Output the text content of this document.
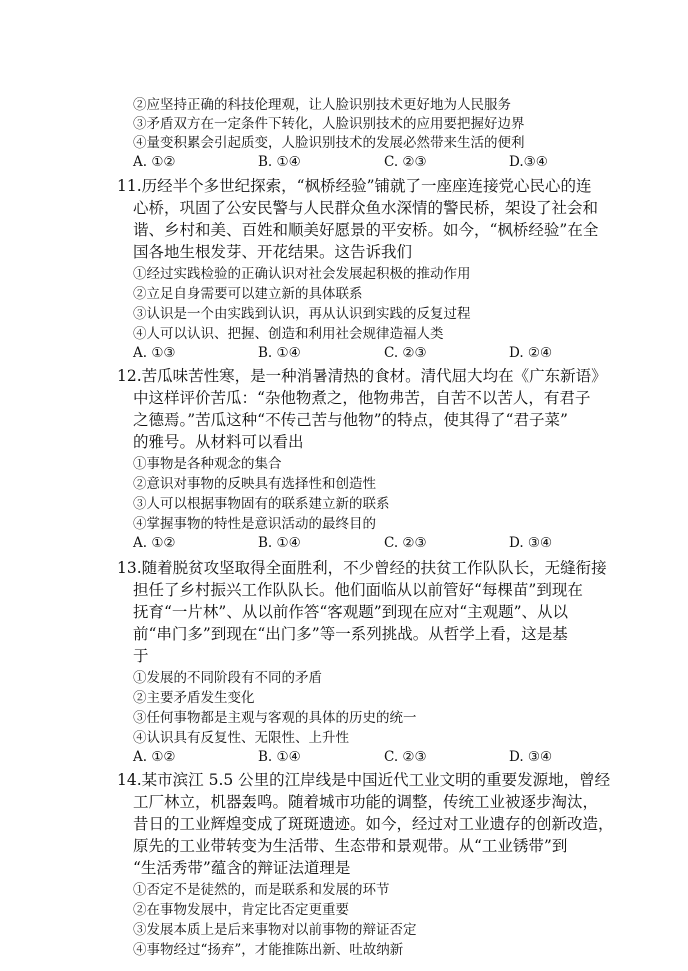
②应坚持正确的科技伦理观，让人脸识别技术更好地为人民服务
③矛盾双方在一定条件下转化，人脸识别技术的应用要把握好边界
④量变积累会引起质变，人脸识别技术的发展必然带来生活的便利
A. ①②	B. ①④	C. ②③	D.③④
11.历经半个多世纪探索，“枫桥经验”铺就了一座座连接党心民心的连
心桥，巩固了公安民警与人民群众鱼水深情的警民桥，架设了社会和
谐、乡村和美、百姓和顺美好愿景的平安桥。如今，“枫桥经验”在全
国各地生根发芽、开花结果。这告诉我们
①经过实践检验的正确认识对社会发展起积极的推动作用
②立足自身需要可以建立新的具体联系
③认识是一个由实践到认识，再从认识到实践的反复过程
④人可以认识、把握、创造和利用社会规律造福人类
A. ①③	B. ①④	C. ②③	D. ②④
12.苦瓜味苦性寒，是一种消暑清热的食材。清代屈大均在《广东新语》
中这样评价苦瓜：“杂他物煮之，他物弗苦，自苦不以苦人，有君子
之德焉。”苦瓜这种“不传己苦与他物”的特点，使其得了“君子菜”
的雅号。从材料可以看出
①事物是各种观念的集合
②意识对事物的反映具有选择性和创造性
③人可以根据事物固有的联系建立新的联系
④掌握事物的特性是意识活动的最终目的
A. ①②	B. ①④	C. ②③	D. ③④
13.随着脱贫攻坚取得全面胜利，不少曾经的扶贫工作队队长，无缝衔接
担任了乡村振兴工作队队长。他们面临从以前管好“每棵苗”到现在
抚育“一片林”、从以前作答“客观题”到现在应对“主观题”、从以
前“串门多”到现在“出门多”等一系列挑战。从哲学上看，这是基
于
①发展的不同阶段有不同的矛盾
②主要矛盾发生变化
③任何事物都是主观与客观的具体的历史的统一
④认识具有反复性、无限性、上升性
A. ①②	B. ①④	C. ②③	D. ③④
14.某市滨江 5.5 公里的江岸线是中国近代工业文明的重要发源地，曾经
工厂林立，机器轰鸣。随着城市功能的调整，传统工业被逐步淘汰，
昔日的工业辉煌变成了斑斑遗迹。如今，经过对工业遗存的创新改造，
原先的工业带转变为生活带、生态带和景观带。从“工业锈带”到
“生活秀带”蕴含的辩证法道理是
①否定不是徒然的，而是联系和发展的环节
②在事物发展中，肯定比否定更重要
③发展本质上是后来事物对以前事物的辩证否定
④事物经过“扬弃”，才能推陈出新、吐故纳新
